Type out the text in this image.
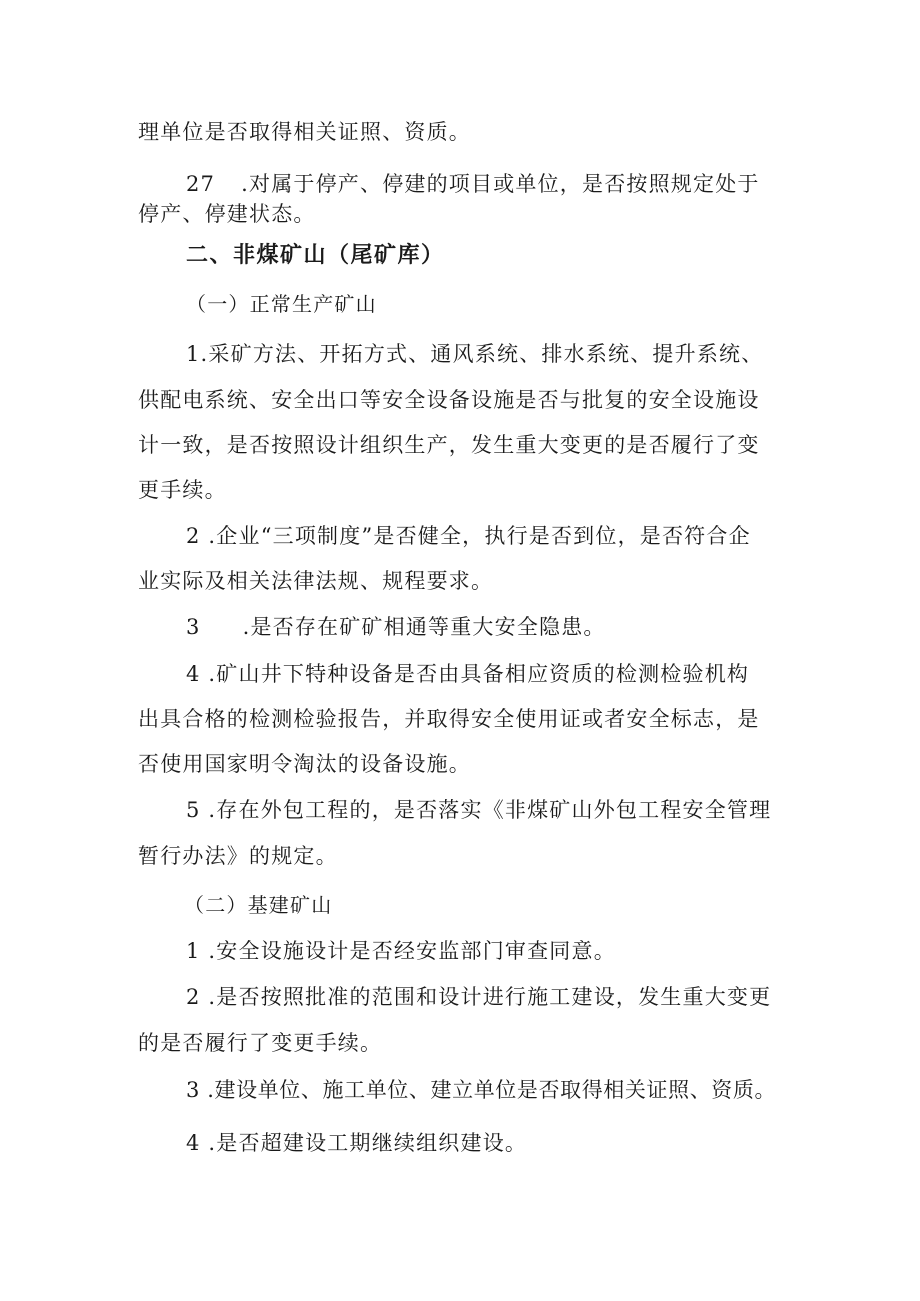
理单位是否取得相关证照、资质。
27 .对属于停产、停建的项目或单位，是否按照规定处于
停产、停建状态。
二、非煤矿山（尾矿库）
（一）正常生产矿山
1.采矿方法、开拓方式、通风系统、排水系统、提升系统、
供配电系统、安全出口等安全设备设施是否与批复的安全设施设
计一致，是否按照设计组织生产，发生重大变更的是否履行了变
更手续。
2 .企业“三项制度”是否健全，执行是否到位，是否符合企
业实际及相关法律法规、规程要求。
3 .是否存在矿矿相通等重大安全隐患。
4 .矿山井下特种设备是否由具备相应资质的检测检验机构
出具合格的检测检验报告，并取得安全使用证或者安全标志，是
否使用国家明令淘汰的设备设施。
5 .存在外包工程的，是否落实《非煤矿山外包工程安全管理
暂行办法》的规定。
（二）基建矿山
1 .安全设施设计是否经安监部门审查同意。
2 .是否按照批准的范围和设计进行施工建设，发生重大变更
的是否履行了变更手续。
3 .建设单位、施工单位、建立单位是否取得相关证照、资质。
4 .是否超建设工期继续组织建设。
